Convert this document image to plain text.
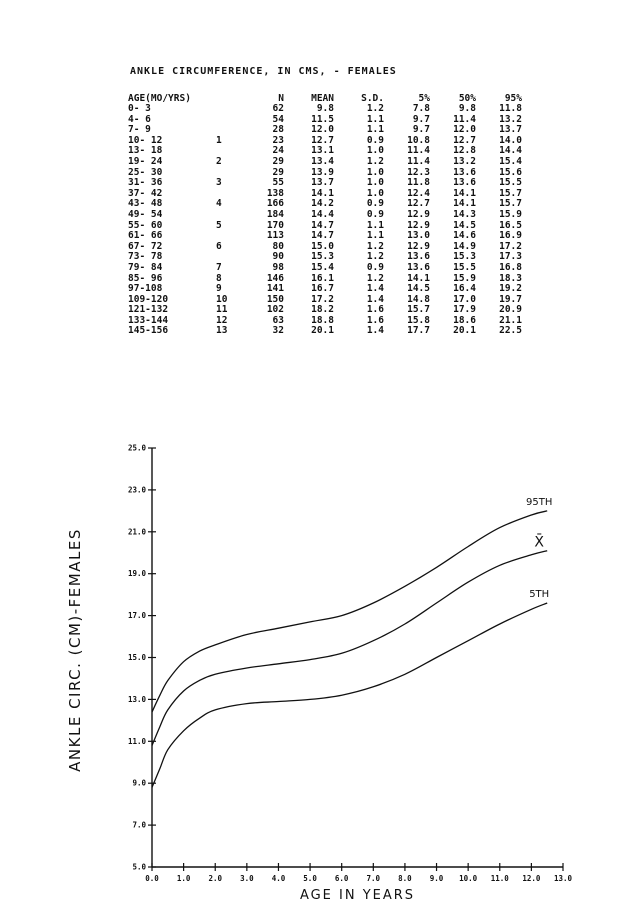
ANKLE CIRCUMFERENCE, IN CMS, - FEMALES
AGE(MO/YRS)		N	MEAN	S.D.	5%	50%	95%
0- 3		62	9.8	1.2	7.8	9.8	11.8
4- 6		54	11.5	1.1	9.7	11.4	13.2
7- 9		28	12.0	1.1	9.7	12.0	13.7
10- 12	1	23	12.7	0.9	10.8	12.7	14.0
13- 18		24	13.1	1.0	11.4	12.8	14.4
19- 24	2	29	13.4	1.2	11.4	13.2	15.4
25- 30		29	13.9	1.0	12.3	13.6	15.6
31- 36	3	55	13.7	1.0	11.8	13.6	15.5
37- 42		138	14.1	1.0	12.4	14.1	15.7
43- 48	4	166	14.2	0.9	12.7	14.1	15.7
49- 54		184	14.4	0.9	12.9	14.3	15.9
55- 60	5	170	14.7	1.1	12.9	14.5	16.5
61- 66		113	14.7	1.1	13.0	14.6	16.9
67- 72	6	80	15.0	1.2	12.9	14.9	17.2
73- 78		90	15.3	1.2	13.6	15.3	17.3
79- 84	7	98	15.4	0.9	13.6	15.5	16.8
85- 96	8	146	16.1	1.2	14.1	15.9	18.3
97-108	9	141	16.7	1.4	14.5	16.4	19.2
109-120	10	150	17.2	1.4	14.8	17.0	19.7
121-132	11	102	18.2	1.6	15.7	17.9	20.9
133-144	12	63	18.8	1.6	15.8	18.6	21.1
145-156	13	32	20.1	1.4	17.7	20.1	22.5
0.0 1.0 2.0 3.0 4.0 5.0 6.0 7.0 8.0 9.0 10.0 11.0 12.0 13.0
5.0
7.0
9.0
11.0
13.0
15.0
17.0
19.0
21.0
23.0
25.0
AGE IN YEARS
95TH
X̄
5TH
ANKLE CIRC. (CM)-FEMALES
